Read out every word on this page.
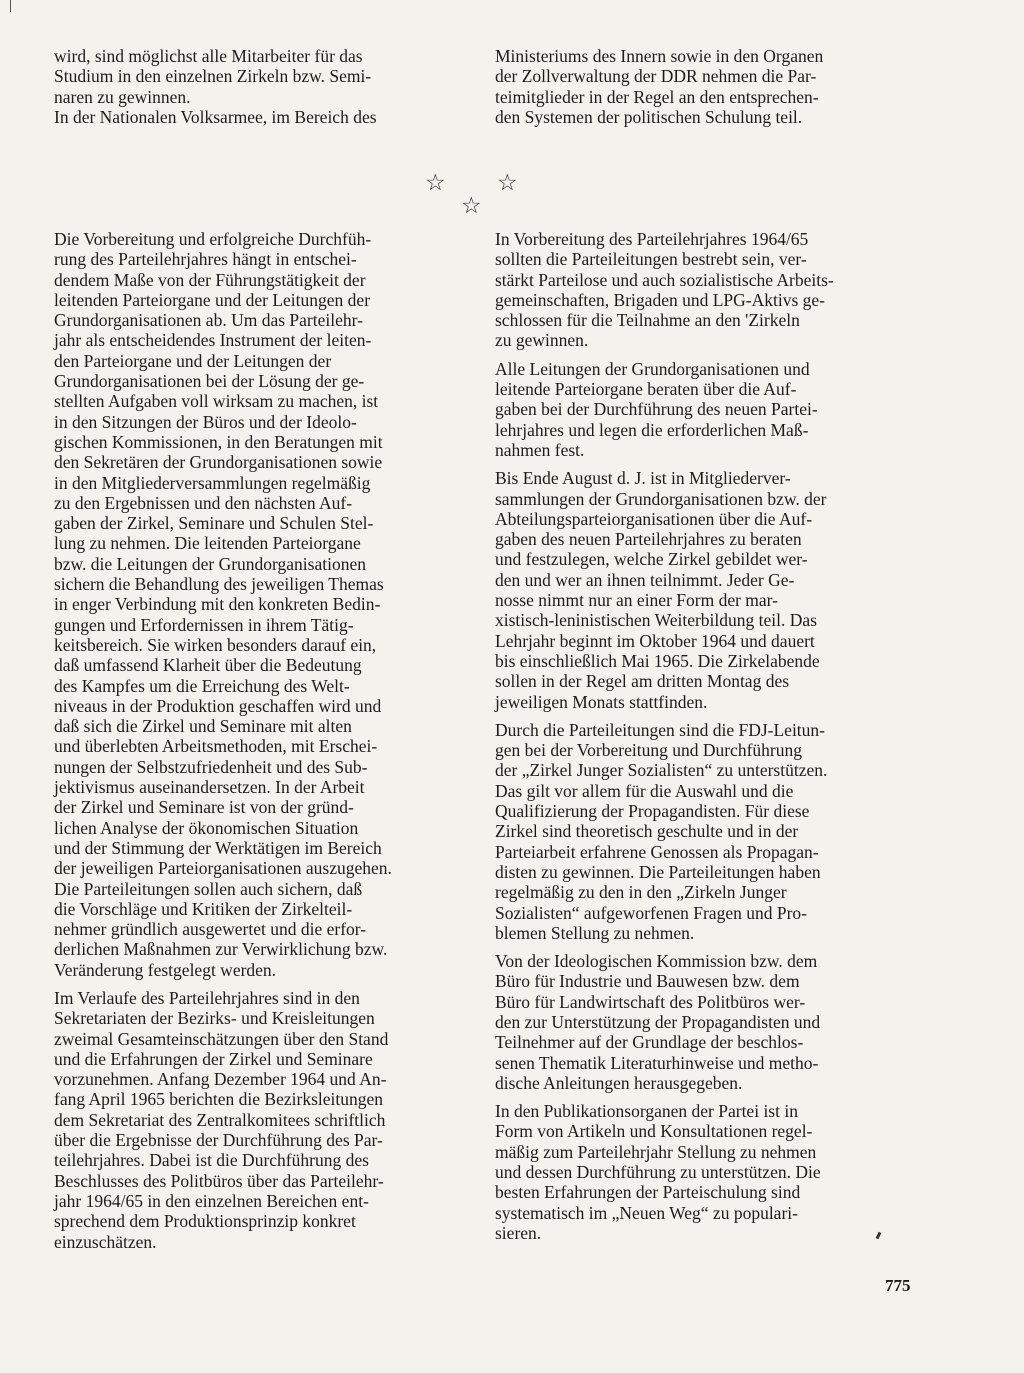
wird, sind möglichst alle Mitarbeiter für das

Studium in den einzelnen Zirkeln bzw. Semi-

naren zu gewinnen.

In der Nationalen Volksarmee, im Bereich des

Ministeriums des Innern sowie in den Organen

der Zollverwaltung der DDR nehmen die Par-

teimitglieder in der Regel an den entsprechen-

den Systemen der politischen Schulung teil.

☆ ☆
☆

Die Vorbereitung und erfolgreiche Durchfüh-

rung des Parteilehrjahres hängt in entschei-

dendem Maße von der Führungstätigkeit der

leitenden Parteiorgane und der Leitungen der

Grundorganisationen ab. Um das Parteilehr-

jahr als entscheidendes Instrument der leiten-

den Parteiorgane und der Leitungen der

Grundorganisationen bei der Lösung der ge-

stellten Aufgaben voll wirksam zu machen, ist

in den Sitzungen der Büros und der Ideolo-

gischen Kommissionen, in den Beratungen mit

den Sekretären der Grundorganisationen sowie

in den Mitgliederversammlungen regelmäßig

zu den Ergebnissen und den nächsten Auf-

gaben der Zirkel, Seminare und Schulen Stel-

lung zu nehmen. Die leitenden Parteiorgane

bzw. die Leitungen der Grundorganisationen

sichern die Behandlung des jeweiligen Themas

in enger Verbindung mit den konkreten Bedin-

gungen und Erfordernissen in ihrem Tätig-

keitsbereich. Sie wirken besonders darauf ein,

daß umfassend Klarheit über die Bedeutung

des Kampfes um die Erreichung des Welt-

niveaus in der Produktion geschaffen wird und

daß sich die Zirkel und Seminare mit alten

und überlebten Arbeitsmethoden, mit Erschei-

nungen der Selbstzufriedenheit und des Sub-

jektivismus auseinandersetzen. In der Arbeit

der Zirkel und Seminare ist von der gründ-

lichen Analyse der ökonomischen Situation

und der Stimmung der Werktätigen im Bereich

der jeweiligen Parteiorganisationen auszugehen.

Die Parteileitungen sollen auch sichern, daß

die Vorschläge und Kritiken der Zirkelteil-

nehmer gründlich ausgewertet und die erfor-

derlichen Maßnahmen zur Verwirklichung bzw.

Veränderung festgelegt werden.

Im Verlaufe des Parteilehrjahres sind in den

Sekretariaten der Bezirks- und Kreisleitungen

zweimal Gesamteinschätzungen über den Stand

und die Erfahrungen der Zirkel und Seminare

vorzunehmen. Anfang Dezember 1964 und An-

fang April 1965 berichten die Bezirksleitungen

dem Sekretariat des Zentralkomitees schriftlich

über die Ergebnisse der Durchführung des Par-

teilehrjahres. Dabei ist die Durchführung des

Beschlusses des Politbüros über das Parteilehr-

jahr 1964/65 in den einzelnen Bereichen ent-

sprechend dem Produktionsprinzip konkret

einzuschätzen.

In Vorbereitung des Parteilehrjahres 1964/65

sollten die Parteileitungen bestrebt sein, ver-

stärkt Parteilose und auch sozialistische Arbeits-

gemeinschaften, Brigaden und LPG-Aktivs ge-

schlossen für die Teilnahme an den 'Zirkeln

zu gewinnen.

Alle Leitungen der Grundorganisationen und

leitende Parteiorgane beraten über die Auf-

gaben bei der Durchführung des neuen Partei-

lehrjahres und legen die erforderlichen Maß-

nahmen fest.

Bis Ende August d. J. ist in Mitgliederver-

sammlungen der Grundorganisationen bzw. der

Abteilungsparteiorganisationen über die Auf-

gaben des neuen Parteilehrjahres zu beraten

und festzulegen, welche Zirkel gebildet wer-

den und wer an ihnen teilnimmt. Jeder Ge-

nosse nimmt nur an einer Form der mar-

xistisch-leninistischen Weiterbildung teil. Das

Lehrjahr beginnt im Oktober 1964 und dauert

bis einschließlich Mai 1965. Die Zirkelabende

sollen in der Regel am dritten Montag des

jeweiligen Monats stattfinden.

Durch die Parteileitungen sind die FDJ-Leitun-

gen bei der Vorbereitung und Durchführung

der „Zirkel Junger Sozialisten“ zu unterstützen.

Das gilt vor allem für die Auswahl und die

Qualifizierung der Propagandisten. Für diese

Zirkel sind theoretisch geschulte und in der

Parteiarbeit erfahrene Genossen als Propagan-

disten zu gewinnen. Die Parteileitungen haben

regelmäßig zu den in den „Zirkeln Junger

Sozialisten“ aufgeworfenen Fragen und Pro-

blemen Stellung zu nehmen.

Von der Ideologischen Kommission bzw. dem

Büro für Industrie und Bauwesen bzw. dem

Büro für Landwirtschaft des Politbüros wer-

den zur Unterstützung der Propagandisten und

Teilnehmer auf der Grundlage der beschlos-

senen Thematik Literaturhinweise und metho-

dische Anleitungen herausgegeben.

In den Publikationsorganen der Partei ist in

Form von Artikeln und Konsultationen regel-

mäßig zum Parteilehrjahr Stellung zu nehmen

und dessen Durchführung zu unterstützen. Die

besten Erfahrungen der Parteischulung sind

systematisch im „Neuen Weg“ zu populari-

sieren.

775
